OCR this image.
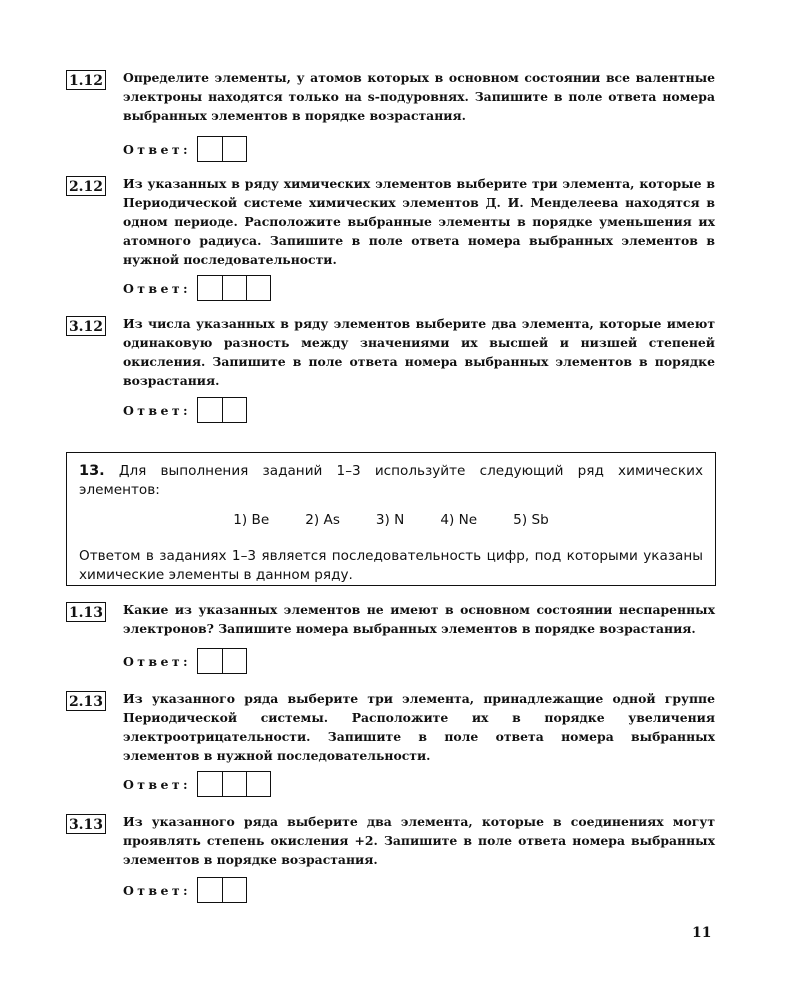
1.12 Определите элементы, у атомов которых в основном состоянии все валентные электроны находятся только на s-подуровнях. Запишите в поле ответа номера выбранных элементов в порядке возрастания.

Ответ:
2.12 Из указанных в ряду химических элементов выберите три элемента, которые в Периодической системе химических элементов Д. И. Менделеева находятся в одном периоде. Расположите выбранные элементы в порядке уменьшения их атомного радиуса. Запишите в поле ответа номера выбранных элементов в нужной последовательности.

Ответ:
3.12 Из числа указанных в ряду элементов выберите два элемента, которые имеют одинаковую разность между значениями их высшей и низшей степеней окисления. Запишите в поле ответа номера выбранных элементов в порядке возрастания.

Ответ:

13. Для выполнения заданий 1–3 используйте следующий ряд химических элементов:

1) Be	2) As	3) N	4) Ne	5) Sb

Ответом в заданиях 1–3 является последовательность цифр, под которыми указаны химические элементы в данном ряду.

1.13 Какие из указанных элементов не имеют в основном состоянии неспаренных электронов? Запишите номера выбранных элементов в порядке возрастания.

Ответ:
2.13 Из указанного ряда выберите три элемента, принадлежащие одной группе Периодической системы. Расположите их в порядке увеличения электроотрицательности. Запишите в поле ответа номера выбранных элементов в нужной последовательности.

Ответ:
3.13 Из указанного ряда выберите два элемента, которые в соединениях могут проявлять степень окисления +2. Запишите в поле ответа номера выбранных элементов в порядке возрастания.

Ответ:
11
